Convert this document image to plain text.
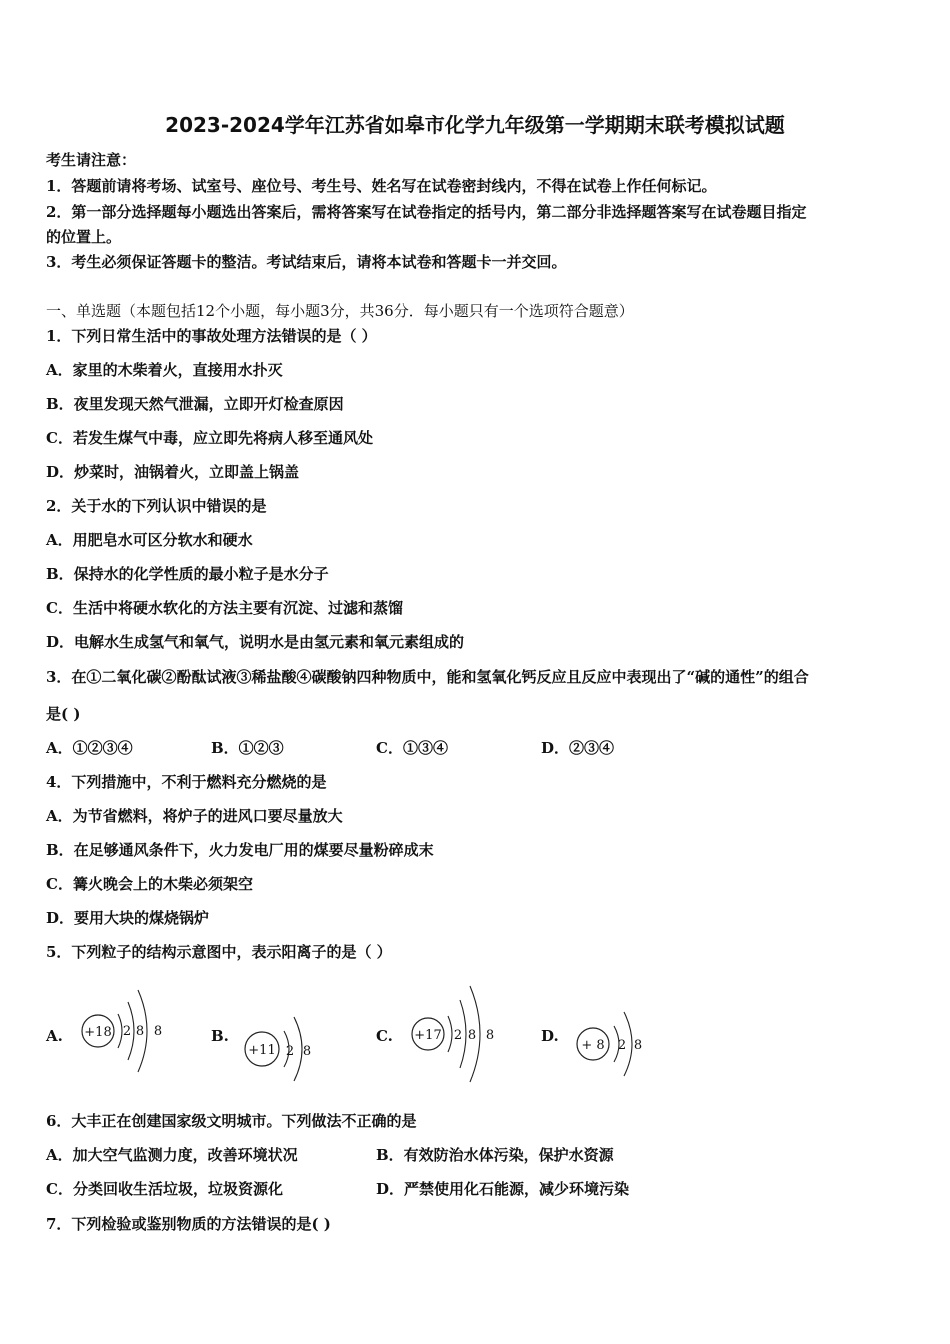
2023-2024学年江苏省如皋市化学九年级第一学期期末联考模拟试题
考生请注意：
1．答题前请将考场、试室号、座位号、考生号、姓名写在试卷密封线内，不得在试卷上作任何标记。
2．第一部分选择题每小题选出答案后，需将答案写在试卷指定的括号内，第二部分非选择题答案写在试卷题目指定
的位置上。
3．考生必须保证答题卡的整洁。考试结束后，请将本试卷和答题卡一并交回。
一、单选题（本题包括12个小题，每小题3分，共36分．每小题只有一个选项符合题意）
1．下列日常生活中的事故处理方法错误的是（ ）
A．家里的木柴着火，直接用水扑灭
B．夜里发现天然气泄漏，立即开灯检查原因
C．若发生煤气中毒，应立即先将病人移至通风处
D．炒菜时，油锅着火，立即盖上锅盖
2．关于水的下列认识中错误的是
A．用肥皂水可区分软水和硬水
B．保持水的化学性质的最小粒子是水分子
C．生活中将硬水软化的方法主要有沉淀、过滤和蒸馏
D．电解水生成氢气和氧气，说明水是由氢元素和氧元素组成的
3．在①二氧化碳②酚酞试液③稀盐酸④碳酸钠四种物质中，能和氢氧化钙反应且反应中表现出了“碱的通性”的组合
是( )
A．①②③④	B．①②③	C．①③④	D．②③④
4．下列措施中，不利于燃料充分燃烧的是
A．为节省燃料，将炉子的进风口要尽量放大
B．在足够通风条件下，火力发电厂用的煤要尽量粉碎成末
C．篝火晚会上的木柴必须架空
D．要用大块的煤烧锅炉
5．下列粒子的结构示意图中，表示阳离子的是（ ）
A. +18 2 8 8	B.
+11 2 8
C. +17 2 8 8	D.
+ 8 2 8
6．大丰正在创建国家级文明城市。下列做法不正确的是
A．加大空气监测力度，改善环境状况	B．有效防治水体污染，保护水资源
C．分类回收生活垃圾，垃圾资源化	D．严禁使用化石能源，减少环境污染
7．下列检验或鉴别物质的方法错误的是( )
